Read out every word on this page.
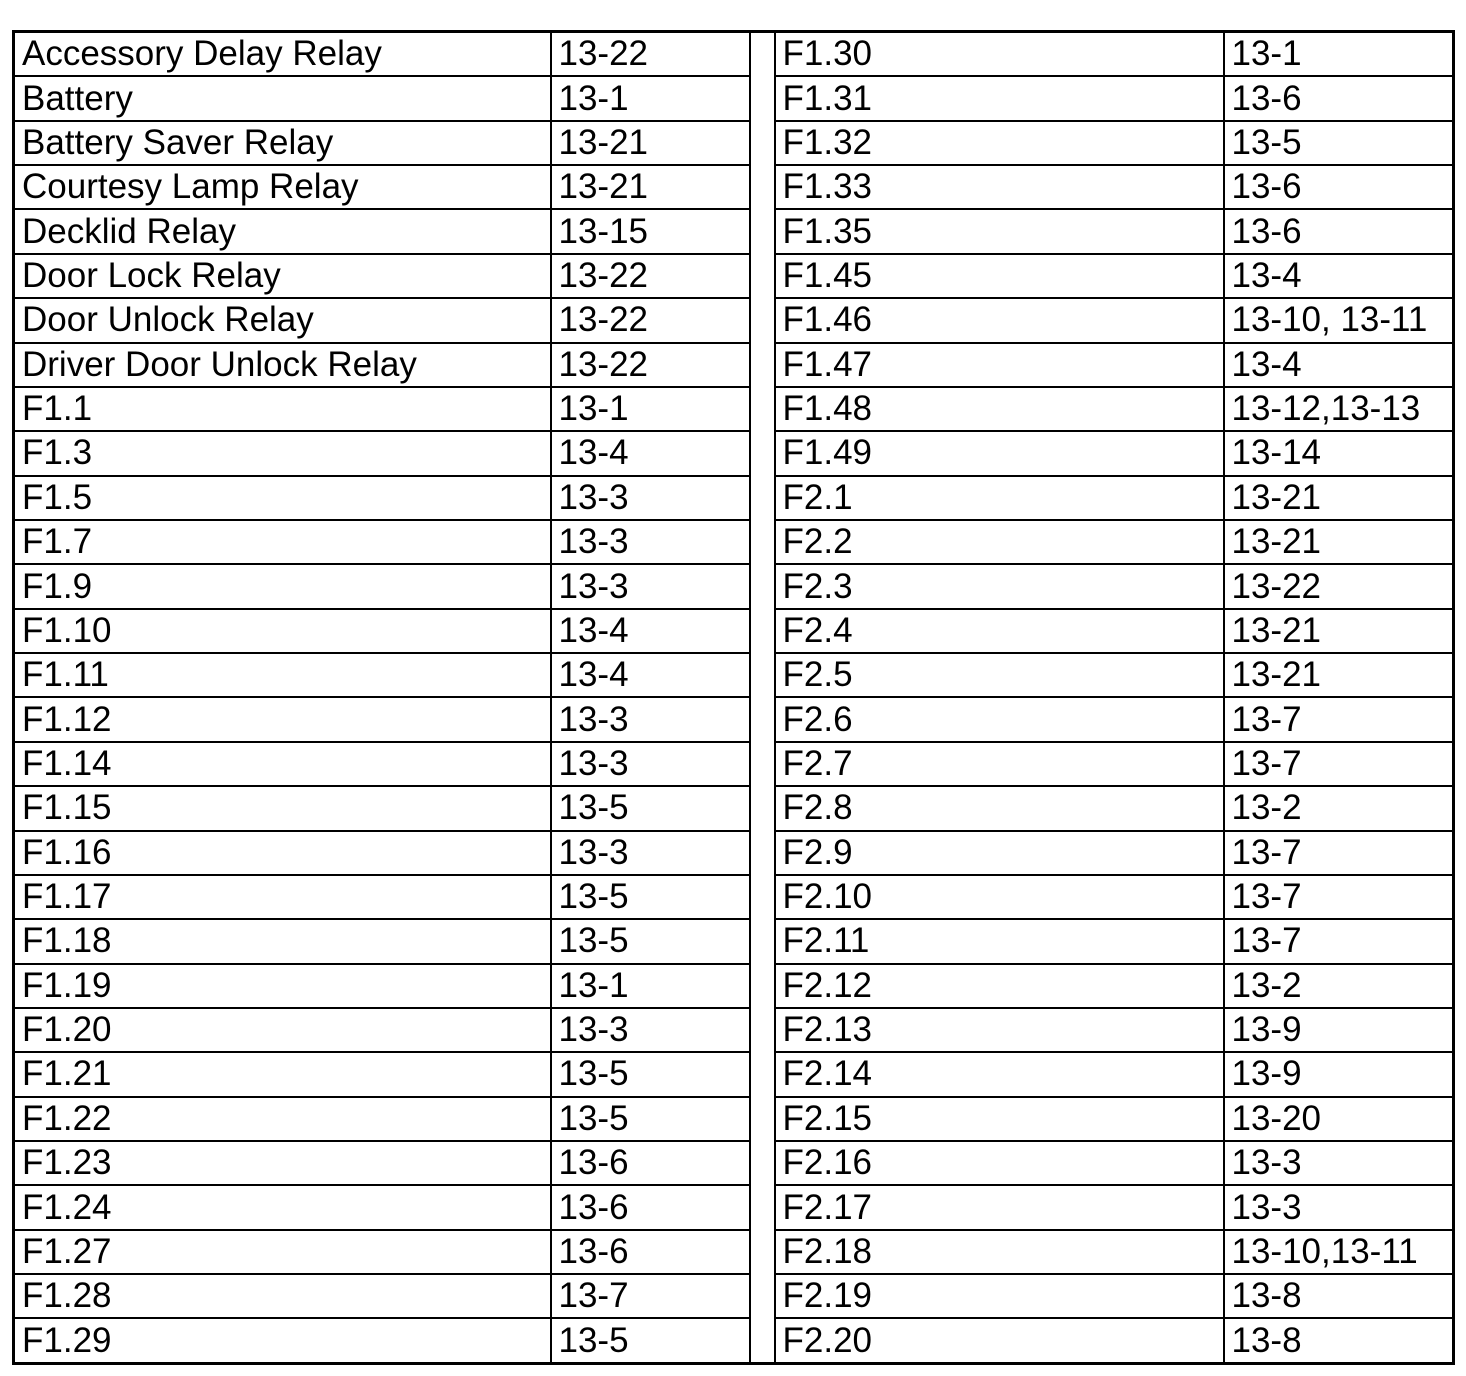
Accessory Delay Relay	13-22		F1.30	13-1
Battery	13-1		F1.31	13-6
Battery Saver Relay	13-21		F1.32	13-5
Courtesy Lamp Relay	13-21		F1.33	13-6
Decklid Relay	13-15		F1.35	13-6
Door Lock Relay	13-22		F1.45	13-4
Door Unlock Relay	13-22		F1.46	13-10, 13-11
Driver Door Unlock Relay	13-22		F1.47	13-4
F1.1	13-1		F1.48	13-12,13-13
F1.3	13-4		F1.49	13-14
F1.5	13-3		F2.1	13-21
F1.7	13-3		F2.2	13-21
F1.9	13-3		F2.3	13-22
F1.10	13-4		F2.4	13-21
F1.11	13-4		F2.5	13-21
F1.12	13-3		F2.6	13-7
F1.14	13-3		F2.7	13-7
F1.15	13-5		F2.8	13-2
F1.16	13-3		F2.9	13-7
F1.17	13-5		F2.10	13-7
F1.18	13-5		F2.11	13-7
F1.19	13-1		F2.12	13-2
F1.20	13-3		F2.13	13-9
F1.21	13-5		F2.14	13-9
F1.22	13-5		F2.15	13-20
F1.23	13-6		F2.16	13-3
F1.24	13-6		F2.17	13-3
F1.27	13-6		F2.18	13-10,13-11
F1.28	13-7		F2.19	13-8
F1.29	13-5		F2.20	13-8
